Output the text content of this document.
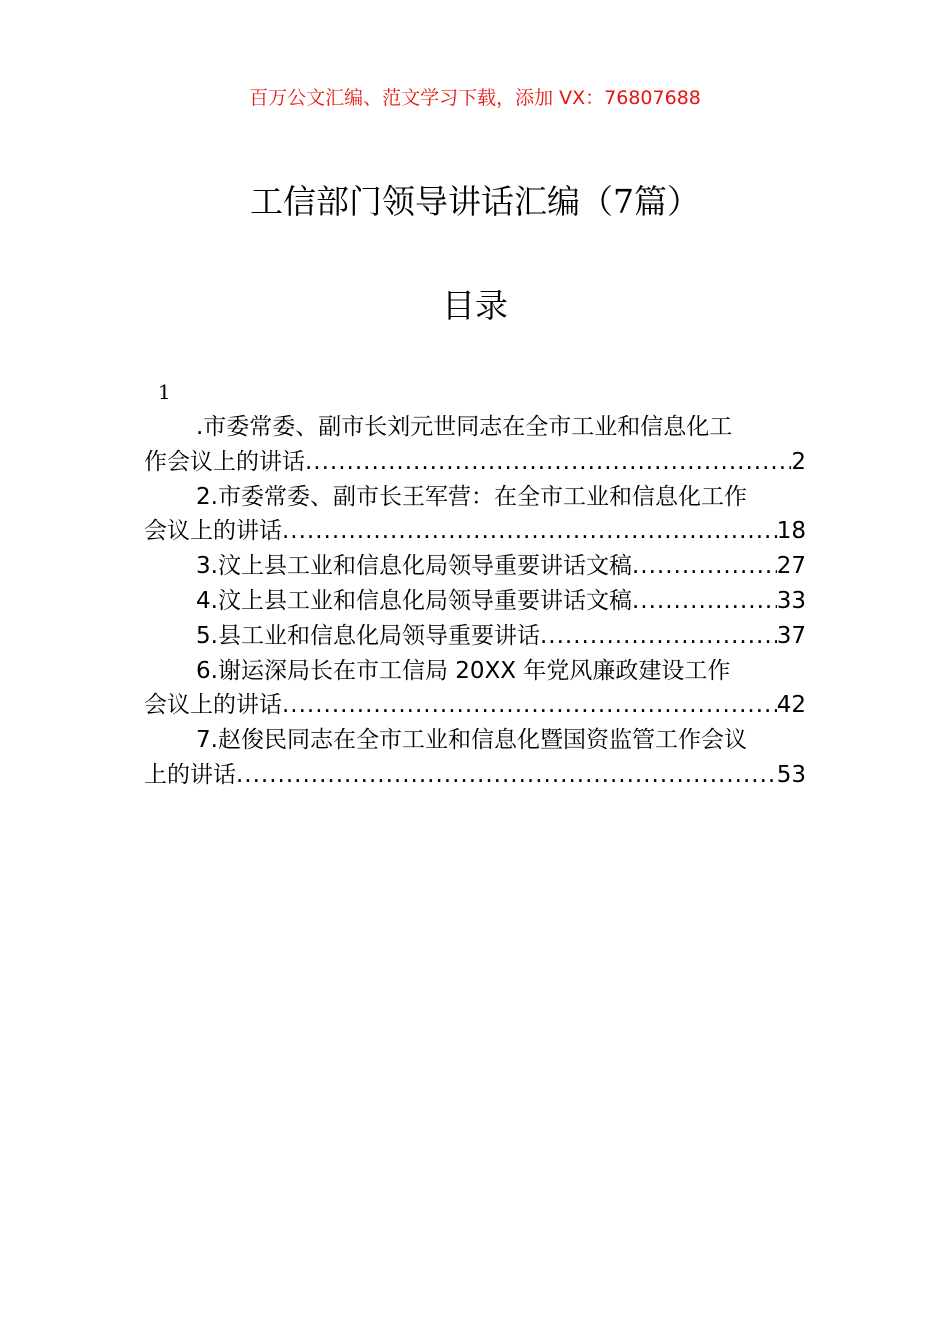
百万公文汇编、范文学习下载，添加 VX：76807688
工信部门领导讲话汇编（7篇）
目录
1
.市委常委、副市长刘元世同志在全市工业和信息化工
作会议上的讲话 .....	2
2.市委常委、副市长王军营：在全市工业和信息化工作
会议上的讲话 .....	18
3.汶上县工业和信息化局领导重要讲话文稿 .....	27
4.汶上县工业和信息化局领导重要讲话文稿 .....	33
5.县工业和信息化局领导重要讲话 .....	37
6.谢运深局长在市工信局 20XX 年党风廉政建设工作
会议上的讲话 .....	42
7.赵俊民同志在全市工业和信息化暨国资监管工作会议
上的讲话 .....	53
